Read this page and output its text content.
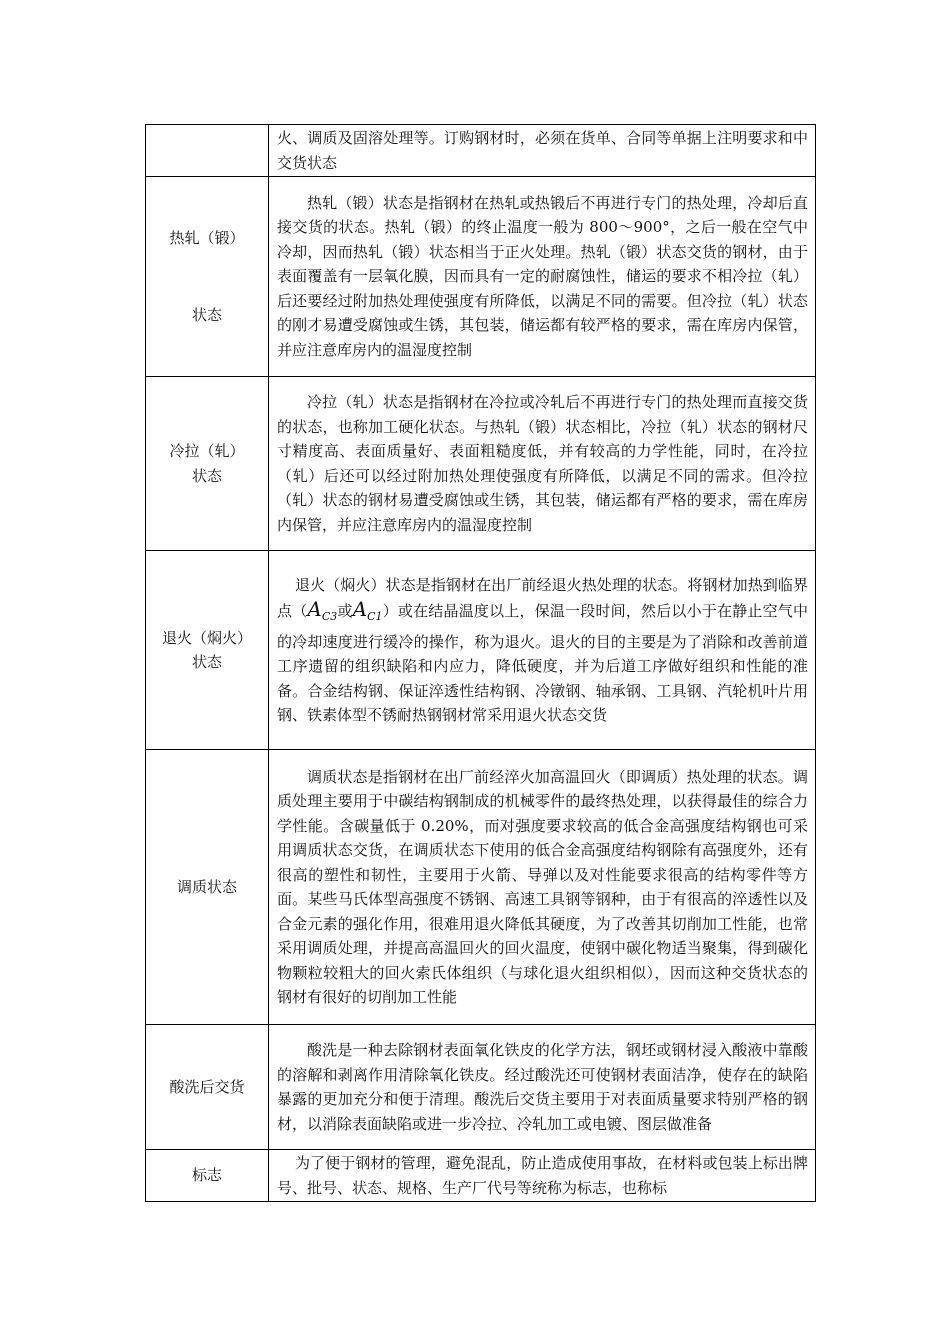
	火、调质及固溶处理等。订购钢材时，必须在货单、合同等单据上注明要求和中交货状态

热轧（锻）
状态	热轧（锻）状态是指钢材在热轧或热锻后不再进行专门的热处理，冷却后直接交货的状态。热轧（锻）的终止温度一般为 800～900°，之后一般在空气中冷却，因而热轧（锻）状态相当于正火处理。热轧（锻）状态交货的钢材，由于表面覆盖有一层氧化膜，因而具有一定的耐腐蚀性，储运的要求不相冷拉（轧）后还要经过附加热处理使强度有所降低，以满足不同的需要。但冷拉（轧）状态的刚才易遭受腐蚀或生锈，其包装，储运都有较严格的要求，需在库房内保管，并应注意库房内的温湿度控制

冷拉（轧）
状态	冷拉（轧）状态是指钢材在冷拉或冷轧后不再进行专门的热处理而直接交货的状态，也称加工硬化状态。与热轧（锻）状态相比，冷拉（轧）状态的钢材尺寸精度高、表面质量好、表面粗糙度低，并有较高的力学性能，同时，在冷拉（轧）后还可以经过附加热处理使强度有所降低，以满足不同的需求。但冷拉（轧）状态的钢材易遭受腐蚀或生锈，其包装，储运都有严格的要求，需在库房内保管，并应注意库房内的温湿度控制

退火（焖火）
状态	退火（焖火）状态是指钢材在出厂前经退火热处理的状态。将钢材加热到临界点（$A_{C3}$或$A_{C1}$）或在结晶温度以上，保温一段时间，然后以小于在静止空气中的冷却速度进行缓冷的操作，称为退火。退火的目的主要是为了消除和改善前道工序遗留的组织缺陷和内应力，降低硬度，并为后道工序做好组织和性能的准备。合金结构钢、保证淬透性结构钢、冷镦钢、轴承钢、工具钢、汽轮机叶片用钢、铁素体型不锈耐热钢钢材常采用退火状态交货
调质状态	调质状态是指钢材在出厂前经淬火加高温回火（即调质）热处理的状态。调质处理主要用于中碳结构钢制成的机械零件的最终热处理，以获得最佳的综合力学性能。含碳量低于 0.20%，而对强度要求较高的低合金高强度结构钢也可采用调质状态交货，在调质状态下使用的低合金高强度结构钢除有高强度外，还有很高的塑性和韧性，主要用于火箭、导弹以及对性能要求很高的结构零件等方面。某些马氏体型高强度不锈钢、高速工具钢等钢种，由于有很高的淬透性以及合金元素的强化作用，很难用退火降低其硬度，为了改善其切削加工性能，也常采用调质处理，并提高高温回火的回火温度，使钢中碳化物适当聚集，得到碳化物颗粒较粗大的回火索氏体组织（与球化退火组织相似），因而这种交货状态的钢材有很好的切削加工性能
酸洗后交货	酸洗是一种去除钢材表面氧化铁皮的化学方法，钢坯或钢材浸入酸液中靠酸的溶解和剥离作用清除氧化铁皮。经过酸洗还可使钢材表面洁净，使存在的缺陷暴露的更加充分和便于清理。酸洗后交货主要用于对表面质量要求特别严格的钢材，以消除表面缺陷或进一步冷拉、冷轧加工或电镀、图层做准备
标志	为了便于钢材的管理，避免混乱，防止造成使用事故，在材料或包装上标出牌号、批号、状态、规格、生产厂代号等统称为标志，也称标
